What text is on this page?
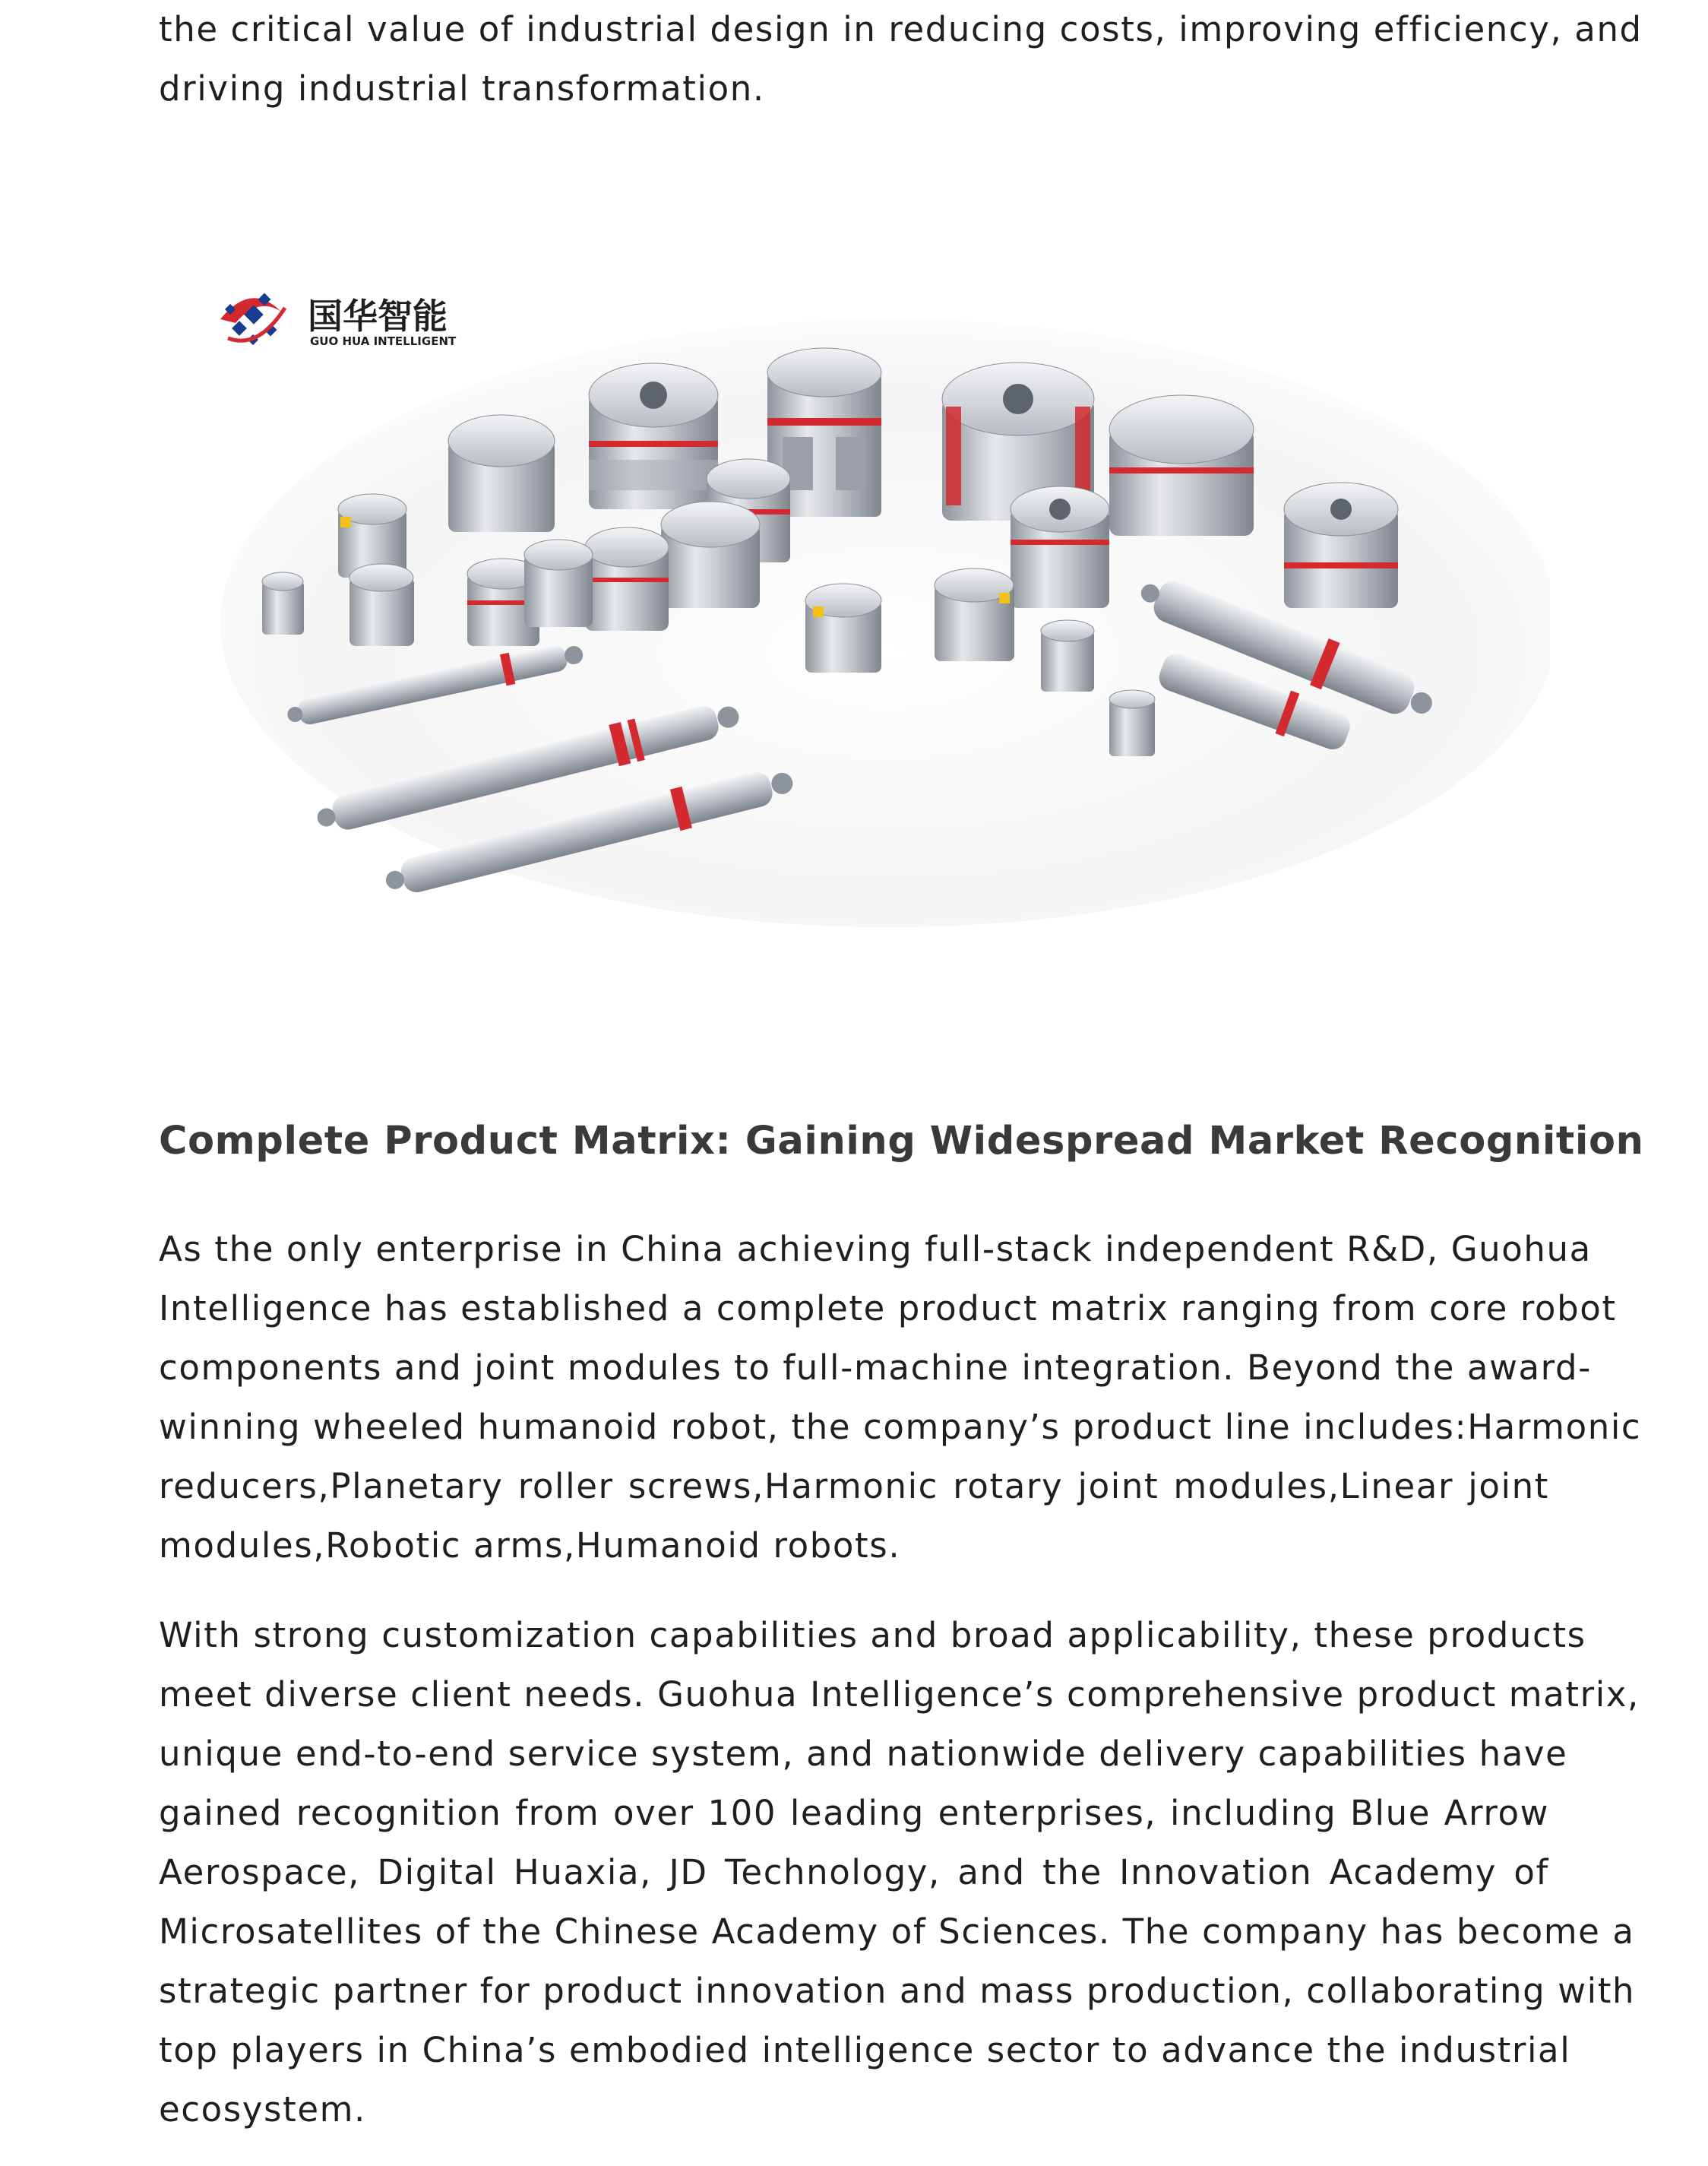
the critical value of industrial design in reducing costs, improving efficiency, and
driving industrial transformation.
国华智能
GUO HUA INTELLIGENT
Complete Product Matrix: Gaining Widespread Market Recognition
As the only enterprise in China achieving full-stack independent R&D, Guohua
Intelligence has established a complete product matrix ranging from core robot
components and joint modules to full-machine integration. Beyond the award-
winning wheeled humanoid robot, the company’s product line includes:Harmonic
reducers,Planetary roller screws,Harmonic rotary joint modules,Linear joint
modules,Robotic arms,Humanoid robots.
With strong customization capabilities and broad applicability, these products
meet diverse client needs. Guohua Intelligence’s comprehensive product matrix,
unique end-to-end service system, and nationwide delivery capabilities have
gained recognition from over 100 leading enterprises, including Blue Arrow
Aerospace, Digital Huaxia, JD Technology, and the Innovation Academy of
Microsatellites of the Chinese Academy of Sciences. The company has become a
strategic partner for product innovation and mass production, collaborating with
top players in China’s embodied intelligence sector to advance the industrial
ecosystem.
